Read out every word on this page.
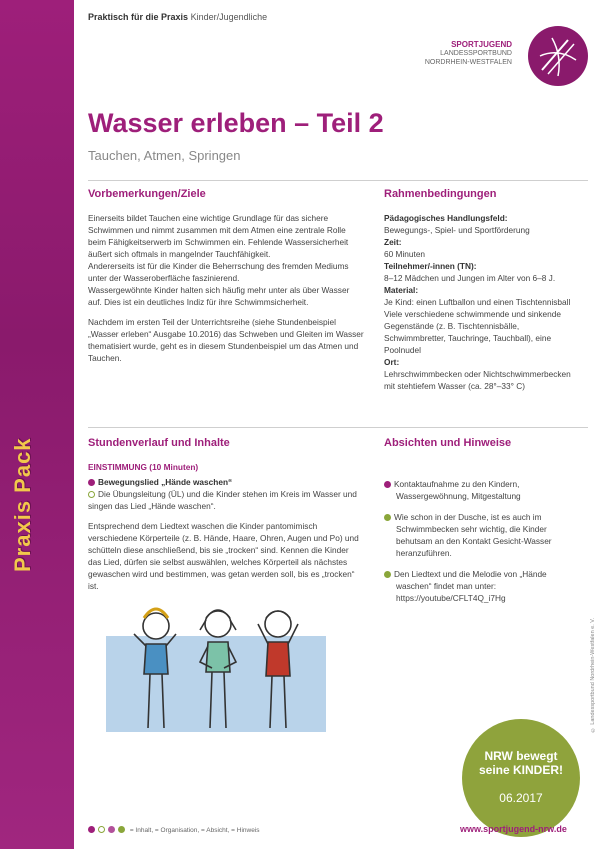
Praxis Pack
Praktisch für die Praxis Kinder/Jugendliche
SPORTJUGEND
LANDESSPORTBUND
NORDRHEIN-WESTFALEN
Wasser erleben – Teil 2
Tauchen, Atmen, Springen
Vorbemerkungen/Ziele

Einerseits bildet Tauchen eine wichtige Grundlage für das sichere Schwimmen und nimmt zusammen mit dem Atmen eine zentrale Rolle beim Fähigkeitserwerb im Schwimmen ein. Fehlende Wassersicherheit äußert sich oftmals in mangelnder Tauchfähigkeit.

Andererseits ist für die Kinder die Beherrschung des fremden Mediums unter der Wasseroberfläche faszinierend.

Wassergewöhnte Kinder halten sich häufig mehr unter als über Wasser auf. Dies ist ein deutliches Indiz für ihre Schwimmsicherheit.

Nachdem im ersten Teil der Unterrichtsreihe (siehe Stundenbeispiel „Wasser erleben“ Ausgabe 10.2016) das Schweben und Gleiten im Wasser thematisiert wurde, geht es in diesem Stundenbeispiel um das Atmen und Tauchen.

Rahmenbedingungen
Pädagogisches Handlungsfeld:
Bewegungs-, Spiel- und Sportförderung
Zeit:
60 Minuten
Teilnehmer/-innen (TN):
8–12 Mädchen und Jungen im Alter von 6–8 J.
Material:
Je Kind: einen Luftballon und einen Tischtennisball Viele verschiedene schwimmende und sinkende Gegenstände (z. B. Tischtennisbälle, Schwimmbretter, Tauchringe, Tauchball), eine Poolnudel
Ort:
Lehrschwimmbecken oder Nichtschwimmerbecken mit stehtiefem Wasser (ca. 28°–33° C)
Stundenverlauf und Inhalte
EINSTIMMUNG (10 Minuten)
Bewegungslied „Hände waschen“
Die Übungsleitung (ÜL) und die Kinder stehen im Kreis im Wasser und singen das Lied „Hände waschen“.

Entsprechend dem Liedtext waschen die Kinder pantomimisch verschiedene Körperteile (z. B. Hände, Haare, Ohren, Augen und Po) und schütteln diese anschließend, bis sie „trocken“ sind. Kennen die Kinder das Lied, dürfen sie selbst auswählen, welches Körperteil als nächstes gewaschen wird und bestimmen, was getan werden soll, bis es „trocken“ ist.

Absichten und Hinweise
Kontaktaufnahme zu den Kindern, Wassergewöhnung, Mitgestaltung
Wie schon in der Dusche, ist es auch im Schwimmbecken sehr wichtig, die Kinder behutsam an den Kontakt Gesicht-Wasser heranzuführen.
Den Liedtext und die Melodie von „Hände waschen“ findet man unter: https://youtube/CFLT4Q_i7Hg
NRW bewegt
seine KINDER!
06.2017
= Inhalt, = Organisation, = Absicht, = Hinweis	www.sportjugend-nrw.de
© Landessportbund Nordrhein-Westfalen e. V.
